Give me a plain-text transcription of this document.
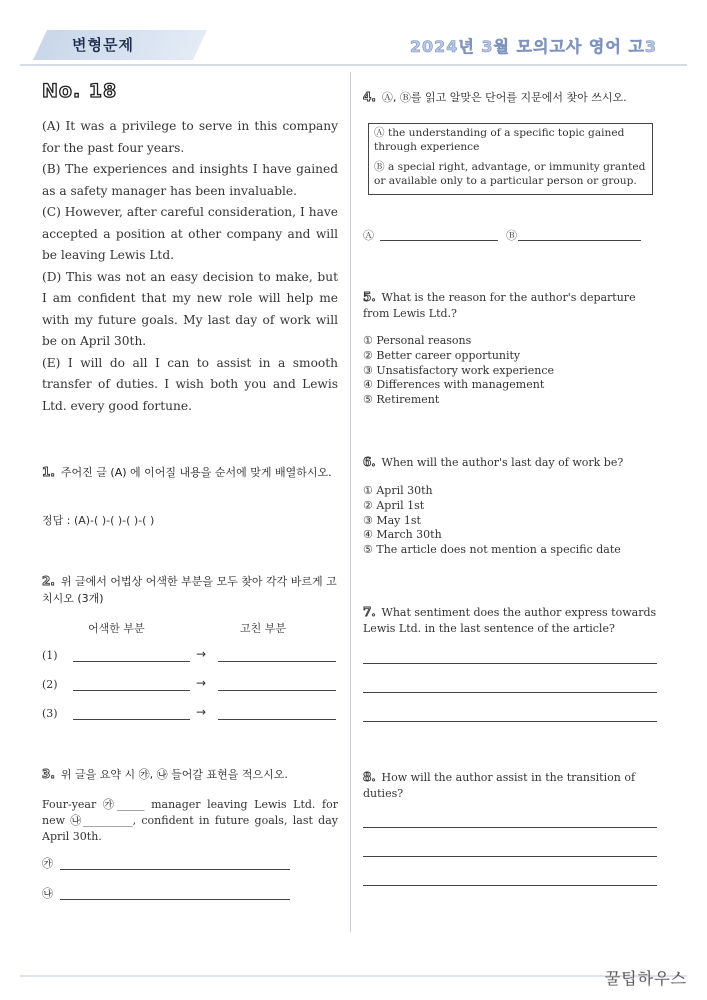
변형문제	2024년 3월 모의고사 영어 고3
No. 18

(A) It was a privilege to serve in this company for the past four years.

(B) The experiences and insights I have gained as a safety manager has been invaluable.

(C) However, after careful consideration, I have accepted a position at other company and will be leaving Lewis Ltd.

(D) This was not an easy decision to make, but I am confident that my new role will help me with my future goals. My last day of work will be on April 30th.

(E) I will do all I can to assist in a smooth transfer of duties. I wish both you and Lewis Ltd. every good fortune.

1. 주어진 글 (A) 에 이어질 내용을 순서에 맞게 배열하시오.
정답 : (A)-( )-( )-( )-( )
2. 위 글에서 어법상 어색한 부분을 모두 찾아 각각 바르게 고치시오 (3개)
어색한 부분	고친 부분
(1)	→
(2)	→
(3)	→
3. 위 글을 요약 시 ㉮, ㉯ 들어갈 표현을 적으시오.
Four-year ㉮_____ manager leaving Lewis Ltd. for new ㉯_________, confident in future goals, last day April 30th.
㉮
㉯
4. Ⓐ, Ⓑ를 읽고 알맞은 단어를 지문에서 찾아 쓰시오.

Ⓐ the understanding of a specific topic gained through experience

Ⓑ a special right, advantage, or immunity granted or available only to a particular person or group.

Ⓐ	Ⓑ
5. What is the reason for the author's departure from Lewis Ltd.?
① Personal reasons
② Better career opportunity
③ Unsatisfactory work experience
④ Differences with management
⑤ Retirement
6. When will the author's last day of work be?
① April 30th
② April 1st
③ May 1st
④ March 30th
⑤ The article does not mention a specific date
7. What sentiment does the author express towards Lewis Ltd. in the last sentence of the article?
8. How will the author assist in the transition of duties?
꿀팁하우스
